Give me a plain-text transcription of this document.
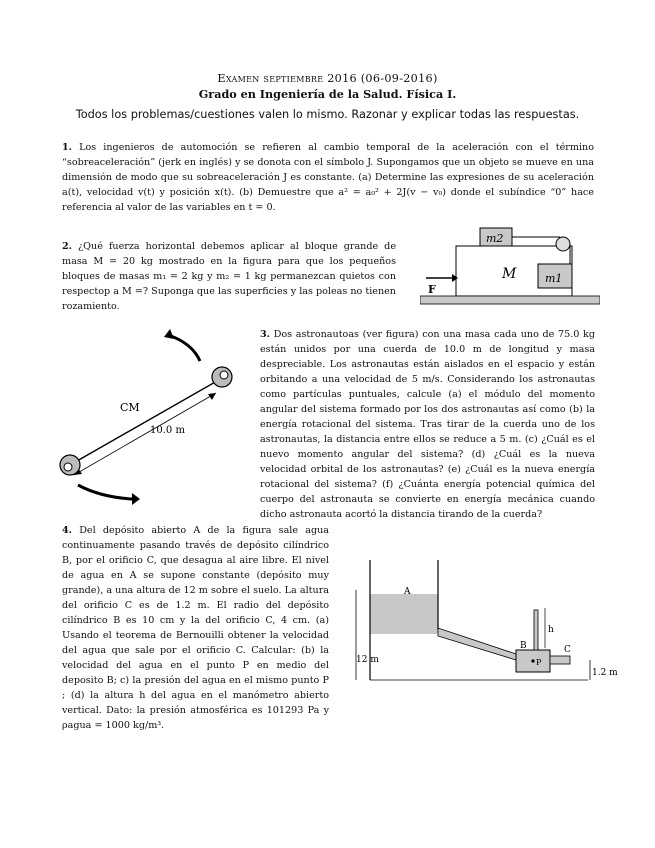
Examen septiembre 2016 (06-09-2016)
Grado en Ingeniería de la Salud. Física I.
Todos los problemas/cuestiones valen lo mismo. Razonar y explicar todas las respuestas.

1. Los ingenieros de automoción se refieren al cambio temporal de la aceleración con el término “sobreaceleración” (jerk en inglés) y se donota con el símbolo J. Supongamos que un objeto se mueve en una dimensión de modo que su sobreaceleración J es constante. (a) Determine las expresiones de su aceleración a(t), velocidad v(t) y posición x(t). (b) Demuestre que a² = a₀² + 2J(v − v₀) donde el subíndice “0” hace referencia al valor de las variables en t = 0.

2. ¿Qué fuerza horizontal debemos aplicar al bloque grande de masa M = 20 kg mostrado en la figura para que los pequeños bloques de masas m₁ = 2 kg y m₂ = 1 kg permanezcan quietos con respectop a M =? Suponga que las superficies y las poleas no tienen rozamiento.

m2
m1
M
F
CM
10.0 m

3. Dos astronautoas (ver figura) con una masa cada uno de 75.0 kg están unidos por una cuerda de 10.0 m de longitud y masa despreciable. Los astronautas están aislados en el espacio y están orbitando a una velocidad de 5 m/s. Considerando los astronautas como partículas puntuales, calcule (a) el módulo del momento angular del sistema formado por los dos astronautas así como (b) la energía rotacional del sistema. Tras tirar de la cuerda uno de los astronautas, la distancia entre ellos se reduce a 5 m. (c) ¿Cuál es el nuevo momento angular del sistema? (d) ¿Cuál es la nueva velocidad orbital de los astronautas? (e) ¿Cuál es la nueva energía rotacional del sistema? (f) ¿Cuánta energía potencial química del cuerpo del astronauta se convierte en energía mecánica cuando dicho astronauta acortó la distancia tirando de la cuerda?

4. Del depósito abierto A de la figura sale agua continuamente pasando través de depósito cilíndrico B, por el orificio C, que desagua al aire libre. El nivel de agua en A se supone constante (depósito muy grande), a una altura de 12 m sobre el suelo. La altura del orificio C es de 1.2 m. El radio del depósito cilíndrico B es 10 cm y la del orificio C, 4 cm. (a) Usando el teorema de Bernouilli obtener la velocidad del agua que sale por el orificio C. Calcular: (b) la velocidad del agua en el punto P en medio del deposito B; c) la presión del agua en el mismo punto P ; (d) la altura h del agua en el manómetro abierto vertical. Dato: la presión atmosférica es 101293 Pa y ρagua = 1000 kg/m³.

12 m
A
B
P
h
C
1.2 m
